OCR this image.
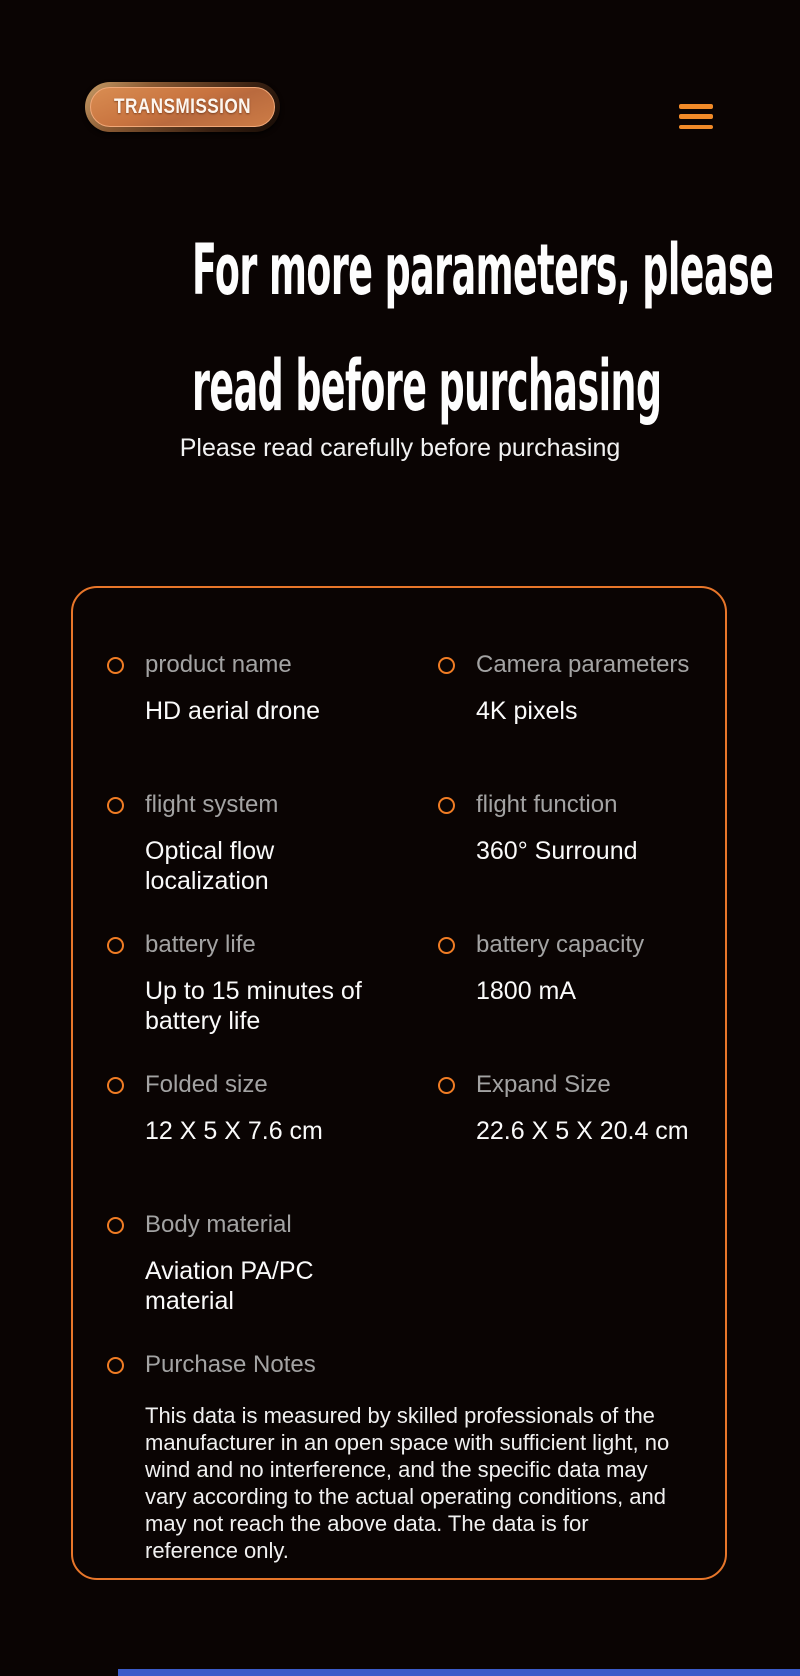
TRANSMISSION
For more parameters, please
read before purchasing
Please read carefully before purchasing
product name
HD aerial drone
Camera parameters
4K pixels
flight system
Optical flow localization
flight function
360° Surround
battery life
Up to 15 minutes of battery life
battery capacity
1800 mA
Folded size
12 X 5 X 7.6 cm
Expand Size
22.6 X 5 X 20.4 cm
Body material
Aviation PA/PC material
Purchase Notes
This data is measured by skilled professionals of the manufacturer in an open space with sufficient light, no wind and no interference, and the specific data may vary according to the actual operating conditions, and may not reach the above data. The data is for reference only.
